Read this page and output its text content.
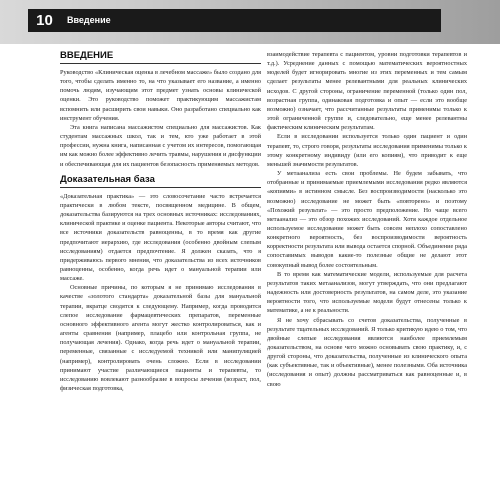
10	Введение
ВВЕДЕНИЕ

Руководство «Клиническая оценка в лечебном массаже» было создано для того, чтобы сделать именно то, на что указывает его название, а именно помочь людям, изучающим этот предмет узнать основы клинической оценки. Это руководство поможет практикующим массажистам вспомнить или расширить свои навыки. Оно разработано специально как инструмент обучения.

Эта книга написана массажистом специально для массажистов. Как студентам массажных школ, так и тем, кто уже работает в этой профессии, нужна книга, написанная с учетом их интересов, помогающая им как можно более эффективно лечить травмы, нарушения и дисфункции и обеспечивающая для их пациентов безопасность применяемых методов.

Доказательная база

«Доказательная практика» — это словосочетание часто встречается практически в любом тексте, посвященном медицине. В общем, доказательства базируются на трех основных источниках: исследованиях, клинической практике и оценке пациента. Некоторые авторы считают, что все источники доказательств равноценны, в то время как другие предпочитают иерархию, где исследования (особенно двойным слепым исследованиям) отдается предпочтение. Я должен сказать, что я придерживаюсь первого мнения, что доказательства из всех источников равноценны, особенно, когда речь идет о мануальной терапии или массаже.

Основные причины, по которым я не принимаю исследования в качестве «золотого стандарта» доказательной базы для мануальной терапии, вкратце сводятся к следующему. Например, когда проводится слепое исследование фармацевтических препаратов, переменные основного эффективного агента могут жестко контролироваться, как и агенты сравнения (например, плацебо или контрольная группа, не получающая лечения). Однако, когда речь идет о мануальной терапии, переменные, связанные с исследуемой техникой или манипуляцией (например), контролировать очень сложно. Если в исследовании принимают участие различающиеся пациенты и терапевты, то исследованию вовлекают разнообразие в вопросы лечения (возраст, пол, физическая подготовка,

взаимодействие терапевта с пациентом, уровни подготовки терапевтов и т.д.). Усреднение данных с помощью математических вероятностных моделей будет игнорировать многие из этих переменных и тем самым сделает результаты менее релевантными для реальных клинических исходов. С другой стороны, ограничение переменной (только один пол, возрастная группа, одинаковая подготовка и опыт — если это вообще возможно) означает, что рассчитанные результаты применимы только к этой ограниченной группе и, следовательно, еще менее релевантны фактическим клиническим результатам.

Если в исследовании используется только один пациент и один терапевт, то, строго говоря, результаты исследования применимы только к этому конкретному индивиду (или его копиям), что приводит к еще меньшей значимости результатов.

У метаанализа есть свои проблемы. Не будем забывать, что отобранные и принимаемые приемлемыми исследования редко являются «копиями» в истинном смысле. Без воспроизводимости (насколько это возможно) исследование не может быть «повторено» и поэтому «Похожий результат» — это просто предположение. Но чаще всего метаанализ — это обзор похожих исследований. Хотя каждое отдельное используемое исследование может быть совсем неплохо сопоставлено конкретного вероятность, без воспроизводимости вероятность корректности результата или вывода остается спорной. Объединение ряда сопоставимых выводов какие-то полезные общие не делают этот совокупный вывод более состоятельным.

В то время как математические модели, используемые для расчета результатов таких метаанализов, могут утверждать, что они предлагают надежность или достоверность результатов, на самом деле, это указание вероятности того, что используемые модели будут отнесены только к математике, а не к реальности.

Я не хочу сбрасывать со счетов доказательства, полученные в результате тщательных исследований. Я только критикую идею о том, что двойные слепые исследования являются наиболее приемлемым доказательством, на основе чего можно основывать свою практику, и, с другой стороны, что доказательства, полученные из клинического опыта (как субъективные, так и объективные), менее полезными. Оба источника (исследования и опыт) должны рассматриваться как равноценные и, в свою
